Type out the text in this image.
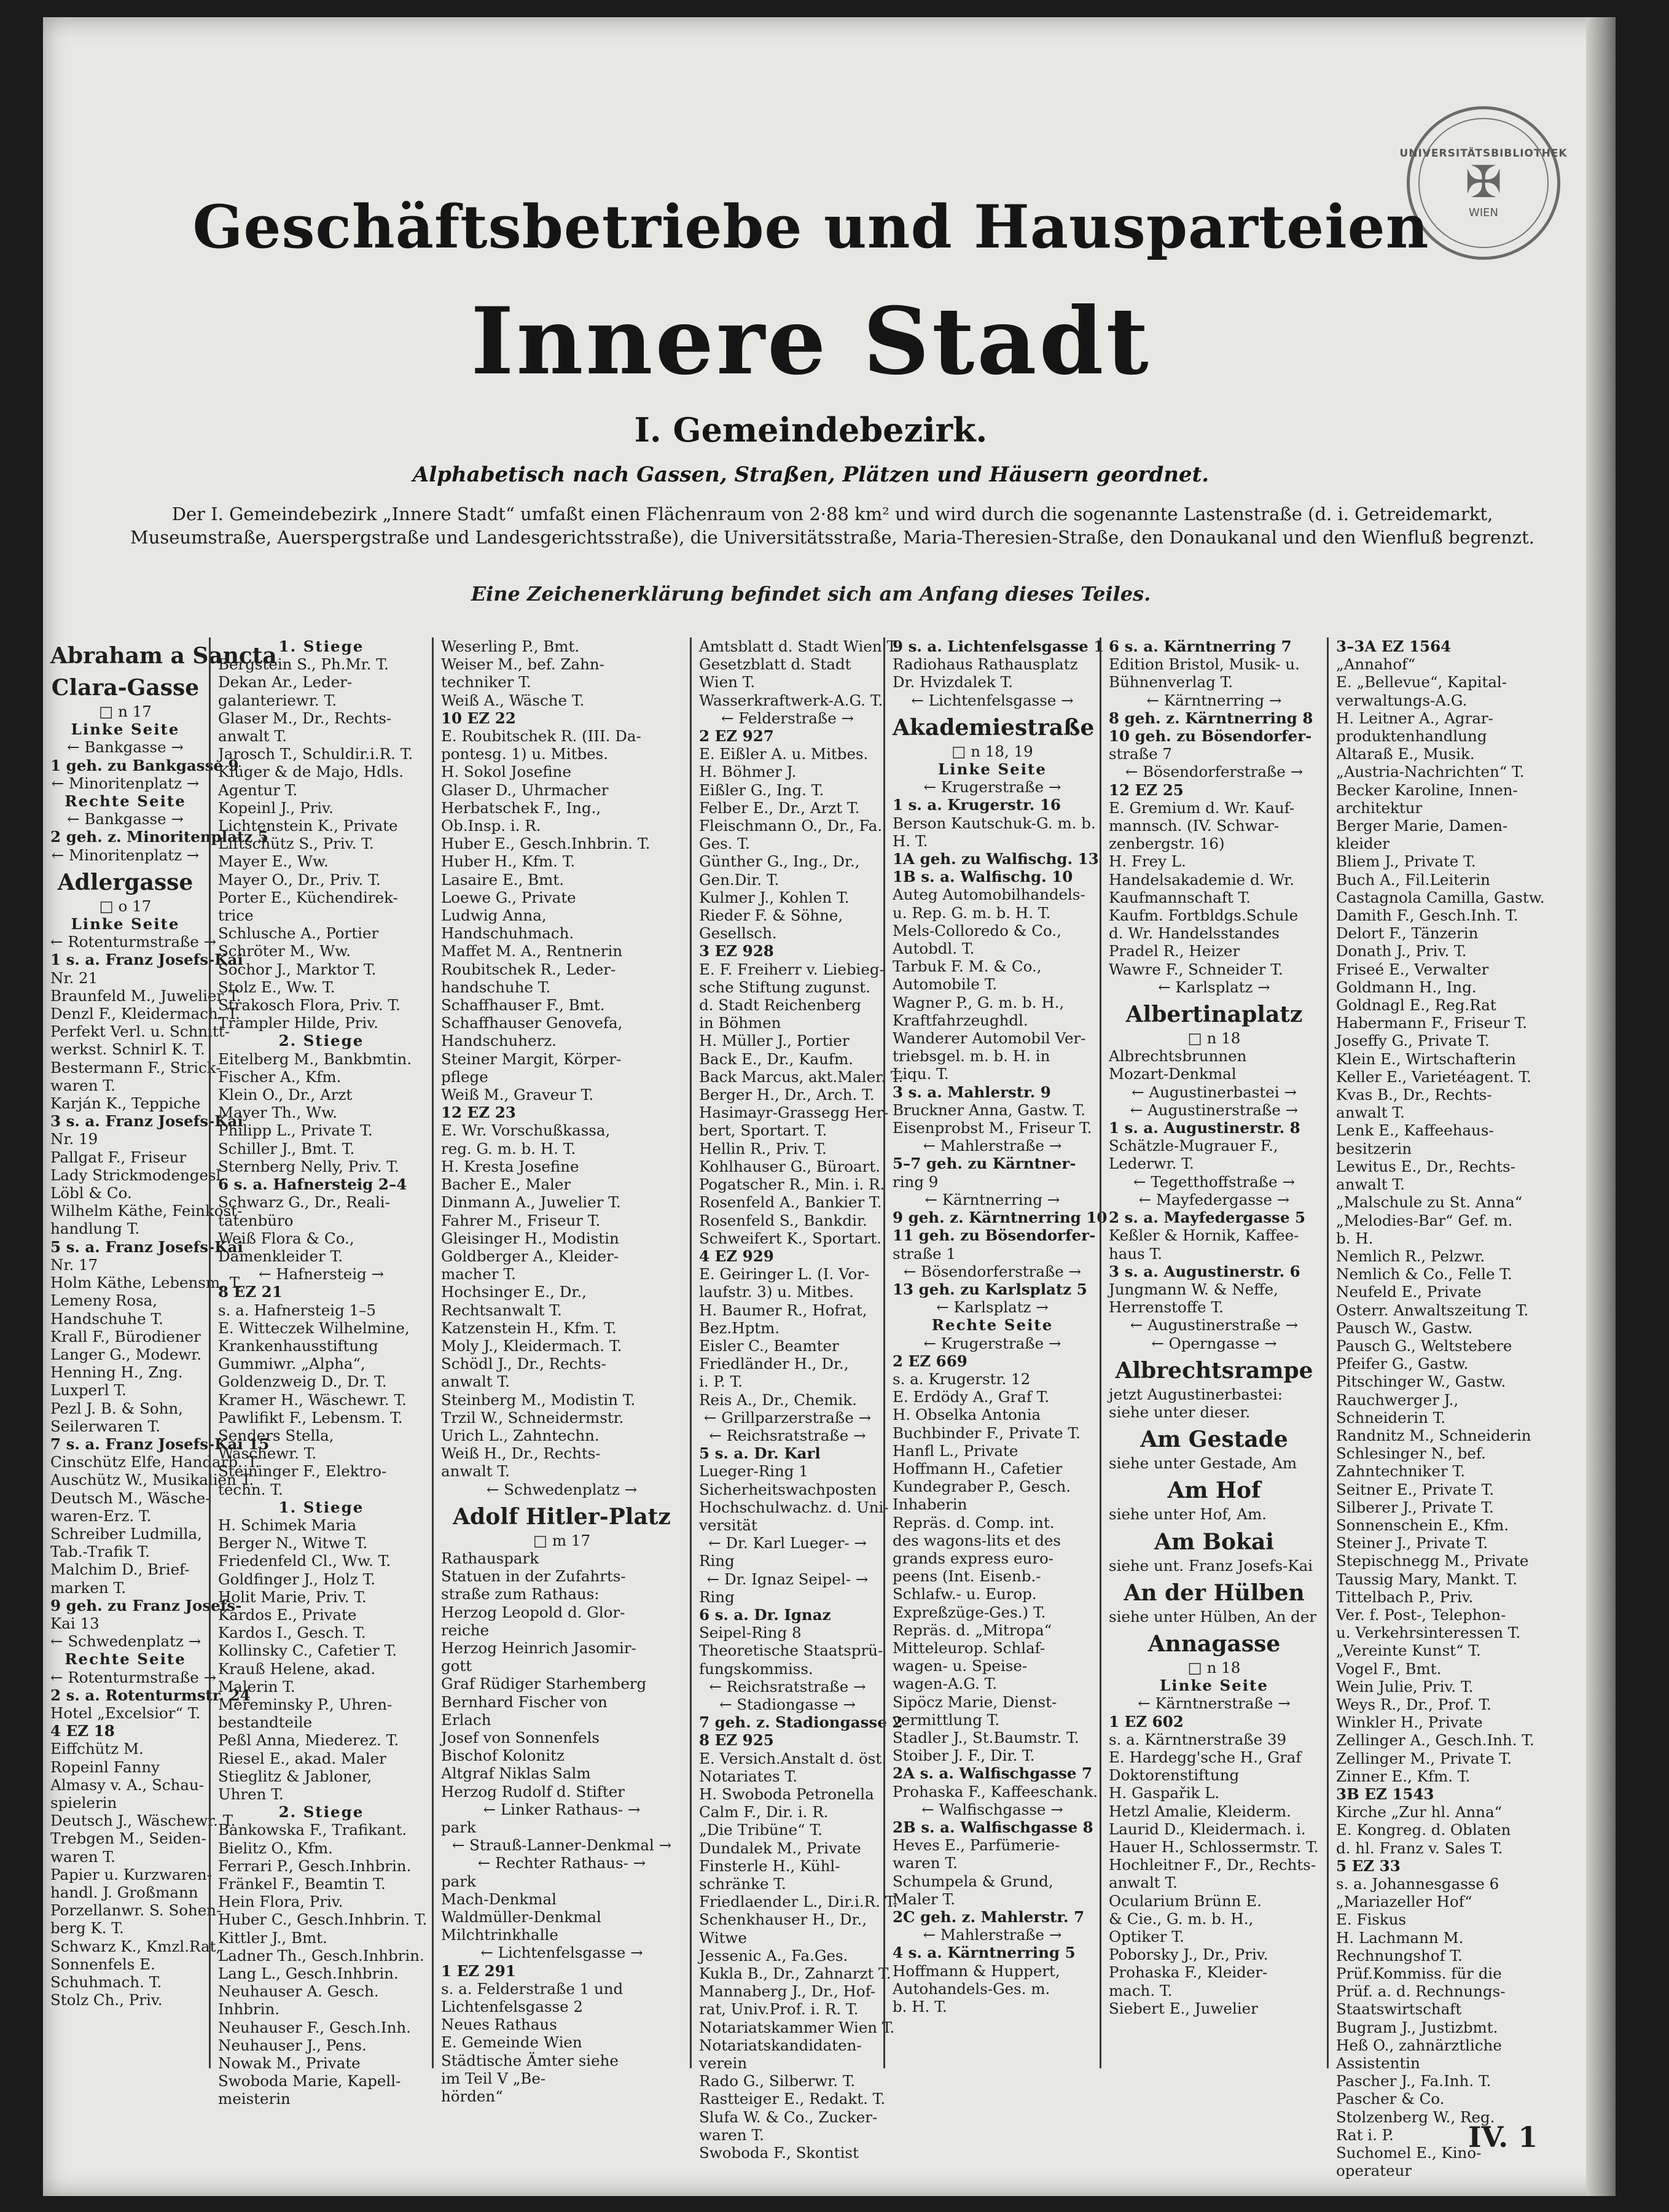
UNIVERSITÄTSBIBLIOTHEK
✠
WIEN
Geschäftsbetriebe und Hausparteien
Innere Stadt
I. Gemeindebezirk.
Alphabetisch nach Gassen, Straßen, Plätzen und Häusern geordnet.
Der I. Gemeindebezirk „Innere Stadt“ umfaßt einen Flächenraum von 2·88 km² und wird durch die sogenannte Lastenstraße (d. i. Getreidemarkt, Museumstraße, Auerspergstraße und Landesgerichtsstraße), die Universitätsstraße, Maria-Theresien-Straße, den Donaukanal und den Wienfluß begrenzt.
Eine Zeichenerklärung befindet sich am Anfang dieses Teiles.
Abraham a Sancta
Clara-Gasse
□ n 17
Linke Seite
← Bankgasse →
1 geh. zu Bankgasse 9
← Minoritenplatz →
Rechte Seite
← Bankgasse →
2 geh. z. Minoritenplatz 5
← Minoritenplatz →
Adlergasse
□ o 17
Linke Seite
← Rotenturmstraße →
1 s. a. Franz Josefs-Kai
Nr. 21
Braunfeld M., Juwelier T.
Denzl F., Kleidermach. T.
Perfekt Verl. u. Schnitt-
werkst. Schnirl K. T.
Bestermann F., Strick-
waren T.
Karján K., Teppiche
3 s. a. Franz Josefs-Kai
Nr. 19
Pallgat F., Friseur
Lady Strickmodengesl.
Löbl & Co.
Wilhelm Käthe, Feinkost-
handlung T.
5 s. a. Franz Josefs-Kai
Nr. 17
Holm Käthe, Lebensm. T.
Lemeny Rosa,
Handschuhe T.
Krall F., Bürodiener
Langer G., Modewr.
Henning H., Zng.
Luxperl T.
Pezl J. B. & Sohn,
Seilerwaren T.
7 s. a. Franz Josefs-Kai 15
Cinschütz Elfe, Handarb. T.
Auschütz W., Musikalien T.
Deutsch M., Wäsche-
waren-Erz. T.
Schreiber Ludmilla,
Tab.-Trafik T.
Malchim D., Brief-
marken T.
9 geh. zu Franz Josefs-
Kai 13
← Schwedenplatz →
Rechte Seite
← Rotenturmstraße →
2 s. a. Rotenturmstr. 24
Hotel „Excelsior“ T.
4 EZ 18
Eiffchütz M.
Ropeinl Fanny
Almasy v. A., Schau-
spielerin
Deutsch J., Wäschewr. T.
Trebgen M., Seiden-
waren T.
Papier u. Kurzwaren-
handl. J. Großmann
Porzellanwr. S. Sohen-
berg K. T.
Schwarz K., Kmzl.Rat,
Sonnenfels E.
Schuhmach. T.
Stolz Ch., Priv.
1. Stiege
Bergstein S., Ph.Mr. T.
Dekan Ar., Leder-
galanteriewr. T.
Glaser M., Dr., Rechts-
anwalt T.
Jarosch T., Schuldir.i.R. T.
Klüger & de Majo, Hdls.
Agentur T.
Kopeinl J., Priv.
Lichtenstein K., Private
Liftschütz S., Priv. T.
Mayer E., Ww.
Mayer O., Dr., Priv. T.
Porter E., Küchendirek-
trice
Schlusche A., Portier
Schröter M., Ww.
Sochor J., Marktor T.
Stolz E., Ww. T.
Strakosch Flora, Priv. T.
Trampler Hilde, Priv.
2. Stiege
Eitelberg M., Bankbmtin.
Fischer A., Kfm.
Klein O., Dr., Arzt
Mayer Th., Ww.
Philipp L., Private T.
Schiller J., Bmt. T.
Sternberg Nelly, Priv. T.
6 s. a. Hafnersteig 2–4
Schwarz G., Dr., Reali-
tätenbüro
Weiß Flora & Co.,
Damenkleider T.
← Hafnersteig →
8 EZ 21
s. a. Hafnersteig 1–5
E. Witteczek Wilhelmine,
Krankenhausstiftung
Gummiwr. „Alpha“,
Goldenzweig D., Dr. T.
Kramer H., Wäschewr. T.
Pawlifikt F., Lebensm. T.
Senders Stella,
Wäschewr. T.
Steininger F., Elektro-
techn. T.
1. Stiege
H. Schimek Maria
Berger N., Witwe T.
Friedenfeld Cl., Ww. T.
Goldfinger J., Holz T.
Holit Marie, Priv. T.
Kardos E., Private
Kardos I., Gesch. T.
Kollinsky C., Cafetier T.
Krauß Helene, akad.
Malerin T.
Mereminsky P., Uhren-
bestandteile
Peßl Anna, Miederez. T.
Riesel E., akad. Maler
Stieglitz & Jabloner,
Uhren T.
2. Stiege
Bankowska F., Trafikant.
Bielitz O., Kfm.
Ferrari P., Gesch.Inhbrin.
Fränkel F., Beamtin T.
Hein Flora, Priv.
Huber C., Gesch.Inhbrin. T.
Kittler J., Bmt.
Ladner Th., Gesch.Inhbrin.
Lang L., Gesch.Inhbrin.
Neuhauser A. Gesch.
Inhbrin.
Neuhauser F., Gesch.Inh.
Neuhauser J., Pens.
Nowak M., Private
Swoboda Marie, Kapell-
meisterin
Weserling P., Bmt.
Weiser M., bef. Zahn-
techniker T.
Weiß A., Wäsche T.
10 EZ 22
E. Roubitschek R. (III. Da-
pontesg. 1) u. Mitbes.
H. Sokol Josefine
Glaser D., Uhrmacher
Herbatschek F., Ing.,
Ob.Insp. i. R.
Huber E., Gesch.Inhbrin. T.
Huber H., Kfm. T.
Lasaire E., Bmt.
Loewe G., Private
Ludwig Anna,
Handschuhmach.
Maffet M. A., Rentnerin
Roubitschek R., Leder-
handschuhe T.
Schaffhauser F., Bmt.
Schaffhauser Genovefa,
Handschuherz.
Steiner Margit, Körper-
pflege
Weiß M., Graveur T.
12 EZ 23
E. Wr. Vorschußkassa,
reg. G. m. b. H. T.
H. Kresta Josefine
Bacher E., Maler
Dinmann A., Juwelier T.
Fahrer M., Friseur T.
Gleisinger H., Modistin
Goldberger A., Kleider-
macher T.
Hochsinger E., Dr.,
Rechtsanwalt T.
Katzenstein H., Kfm. T.
Moly J., Kleidermach. T.
Schödl J., Dr., Rechts-
anwalt T.
Steinberg M., Modistin T.
Trzil W., Schneidermstr.
Urich L., Zahntechn.
Weiß H., Dr., Rechts-
anwalt T.
← Schwedenplatz →
Adolf Hitler-Platz
□ m 17
Rathauspark
Statuen in der Zufahrts-
straße zum Rathaus:
Herzog Leopold d. Glor-
reiche
Herzog Heinrich Jasomir-
gott
Graf Rüdiger Starhemberg
Bernhard Fischer von
Erlach
Josef von Sonnenfels
Bischof Kolonitz
Altgraf Niklas Salm
Herzog Rudolf d. Stifter
← Linker Rathaus- →
park
← Strauß-Lanner-Denkmal →
← Rechter Rathaus- →
park
Mach-Denkmal
Waldmüller-Denkmal
Milchtrinkhalle
← Lichtenfelsgasse →
1 EZ 291
s. a. Felderstraße 1 und
Lichtenfelsgasse 2
Neues Rathaus
E. Gemeinde Wien
Städtische Ämter siehe
im Teil V „Be-
hörden“
Amtsblatt d. Stadt Wien T.
Gesetzblatt d. Stadt
Wien T.
Wasserkraftwerk-A.G. T.
← Felderstraße →
2 EZ 927
E. Eißler A. u. Mitbes.
H. Böhmer J.
Eißler G., Ing. T.
Felber E., Dr., Arzt T.
Fleischmann O., Dr., Fa.
Ges. T.
Günther G., Ing., Dr.,
Gen.Dir. T.
Kulmer J., Kohlen T.
Rieder F. & Söhne,
Gesellsch.
3 EZ 928
E. F. Freiherr v. Liebieg-
sche Stiftung zugunst.
d. Stadt Reichenberg
in Böhmen
H. Müller J., Portier
Back E., Dr., Kaufm.
Back Marcus, akt.Maler. T.
Berger H., Dr., Arch. T.
Hasimayr-Grassegg Her-
bert, Sportart. T.
Hellin R., Priv. T.
Kohlhauser G., Büroart.
Pogatscher R., Min. i. R.
Rosenfeld A., Bankier T.
Rosenfeld S., Bankdir.
Schweifert K., Sportart.
4 EZ 929
E. Geiringer L. (I. Vor-
laufstr. 3) u. Mitbes.
H. Baumer R., Hofrat,
Bez.Hptm.
Eisler C., Beamter
Friedländer H., Dr.,
i. P. T.
Reis A., Dr., Chemik.
← Grillparzerstraße →
← Reichsratstraße →
5 s. a. Dr. Karl
Lueger-Ring 1
Sicherheitswachposten
Hochschulwachz. d. Uni-
versität
← Dr. Karl Lueger- →
Ring
← Dr. Ignaz Seipel- →
Ring
6 s. a. Dr. Ignaz
Seipel-Ring 8
Theoretische Staatsprü-
fungskommiss.
← Reichsratstraße →
← Stadiongasse →
7 geh. z. Stadiongasse 2
8 EZ 925
E. Versich.Anstalt d. öst.
Notariates T.
H. Swoboda Petronella
Calm F., Dir. i. R.
„Die Tribüne“ T.
Dundalek M., Private
Finsterle H., Kühl-
schränke T.
Friedlaender L., Dir.i.R. T.
Schenkhauser H., Dr.,
Witwe
Jessenic A., Fa.Ges.
Kukla B., Dr., Zahnarzt T.
Mannaberg J., Dr., Hof-
rat, Univ.Prof. i. R. T.
Notariatskammer Wien T.
Notariatskandidaten-
verein
Rado G., Silberwr. T.
Rastteiger E., Redakt. T.
Slufa W. & Co., Zucker-
waren T.
Swoboda F., Skontist
9 s. a. Lichtenfelsgasse 1
Radiohaus Rathausplatz
Dr. Hvizdalek T.
← Lichtenfelsgasse →
Akademiestraße
□ n 18, 19
Linke Seite
← Krugerstraße →
1 s. a. Krugerstr. 16
Berson Kautschuk-G. m. b.
H. T.
1A geh. zu Walfischg. 13
1B s. a. Walfischg. 10
Auteg Automobilhandels-
u. Rep. G. m. b. H. T.
Mels-Colloredo & Co.,
Autobdl. T.
Tarbuk F. M. & Co.,
Automobile T.
Wagner P., G. m. b. H.,
Kraftfahrzeughdl.
Wanderer Automobil Ver-
triebsgel. m. b. H. in
Liqu. T.
3 s. a. Mahlerstr. 9
Bruckner Anna, Gastw. T.
Eisenprobst M., Friseur T.
← Mahlerstraße →
5–7 geh. zu Kärntner-
ring 9
← Kärntnerring →
9 geh. z. Kärntnerring 10
11 geh. zu Bösendorfer-
straße 1
← Bösendorferstraße →
13 geh. zu Karlsplatz 5
← Karlsplatz →
Rechte Seite
← Krugerstraße →
2 EZ 669
s. a. Krugerstr. 12
E. Erdödy A., Graf T.
H. Obselka Antonia
Buchbinder F., Private T.
Hanfl L., Private
Hoffmann H., Cafetier
Kundegraber P., Gesch.
Inhaberin
Repräs. d. Comp. int.
des wagons-lits et des
grands express euro-
peens (Int. Eisenb.-
Schlafw.- u. Europ.
Expreßzüge-Ges.) T.
Repräs. d. „Mitropa“
Mitteleurop. Schlaf-
wagen- u. Speise-
wagen-A.G. T.
Sipöcz Marie, Dienst-
vermittlung T.
Stadler J., St.Baumstr. T.
Stoiber J. F., Dir. T.
2A s. a. Walfischgasse 7
Prohaska F., Kaffeeschank.
← Walfischgasse →
2B s. a. Walfischgasse 8
Heves E., Parfümerie-
waren T.
Schumpela & Grund,
Maler T.
2C geh. z. Mahlerstr. 7
← Mahlerstraße →
4 s. a. Kärntnerring 5
Hoffmann & Huppert,
Autohandels-Ges. m.
b. H. T.
6 s. a. Kärntnerring 7
Edition Bristol, Musik- u.
Bühnenverlag T.
← Kärntnerring →
8 geh. z. Kärntnerring 8
10 geh. zu Bösendorfer-
straße 7
← Bösendorferstraße →
12 EZ 25
E. Gremium d. Wr. Kauf-
mannsch. (IV. Schwar-
zenbergstr. 16)
H. Frey L.
Handelsakademie d. Wr.
Kaufmannschaft T.
Kaufm. Fortbldgs.Schule
d. Wr. Handelsstandes
Pradel R., Heizer
Wawre F., Schneider T.
← Karlsplatz →
Albertinaplatz
□ n 18
Albrechtsbrunnen
Mozart-Denkmal
← Augustinerbastei →
← Augustinerstraße →
1 s. a. Augustinerstr. 8
Schätzle-Mugrauer F.,
Lederwr. T.
← Tegetthoffstraße →
← Mayfedergasse →
2 s. a. Mayfedergasse 5
Keßler & Hornik, Kaffee-
haus T.
3 s. a. Augustinerstr. 6
Jungmann W. & Neffe,
Herrenstoffe T.
← Augustinerstraße →
← Operngasse →
Albrechtsrampe
jetzt Augustinerbastei:
siehe unter dieser.
Am Gestade
siehe unter Gestade, Am
Am Hof
siehe unter Hof, Am.
Am Bokai
siehe unt. Franz Josefs-Kai
An der Hülben
siehe unter Hülben, An der
Annagasse
□ n 18
Linke Seite
← Kärntnerstraße →
1 EZ 602
s. a. Kärntnerstraße 39
E. Hardegg'sche H., Graf
Doktorenstiftung
H. Gaspařik L.
Hetzl Amalie, Kleiderm.
Laurid D., Kleidermach. i.
Hauer H., Schlossermstr. T.
Hochleitner F., Dr., Rechts-
anwalt T.
Ocularium Brünn E.
& Cie., G. m. b. H.,
Optiker T.
Poborsky J., Dr., Priv.
Prohaska F., Kleider-
mach. T.
Siebert E., Juwelier
3–3A EZ 1564
„Annahof“
E. „Bellevue“, Kapital-
verwaltungs-A.G.
H. Leitner A., Agrar-
produktenhandlung
Altaraß E., Musik.
„Austria-Nachrichten“ T.
Becker Karoline, Innen-
architektur
Berger Marie, Damen-
kleider
Bliem J., Private T.
Buch A., Fil.Leiterin
Castagnola Camilla, Gastw.
Damith F., Gesch.Inh. T.
Delort F., Tänzerin
Donath J., Priv. T.
Friseé E., Verwalter
Goldmann H., Ing.
Goldnagl E., Reg.Rat
Habermann F., Friseur T.
Joseffy G., Private T.
Klein E., Wirtschafterin
Keller E., Varietéagent. T.
Kvas B., Dr., Rechts-
anwalt T.
Lenk E., Kaffeehaus-
besitzerin
Lewitus E., Dr., Rechts-
anwalt T.
„Malschule zu St. Anna“
„Melodies-Bar“ Gef. m.
b. H.
Nemlich R., Pelzwr.
Nemlich & Co., Felle T.
Neufeld E., Private
Osterr. Anwaltszeitung T.
Pausch W., Gastw.
Pausch G., Weltstebere
Pfeifer G., Gastw.
Pitschinger W., Gastw.
Rauchwerger J.,
Schneiderin T.
Randnitz M., Schneiderin
Schlesinger N., bef.
Zahntechniker T.
Seitner E., Private T.
Silberer J., Private T.
Sonnenschein E., Kfm.
Steiner J., Private T.
Stepischnegg M., Private
Taussig Mary, Mankt. T.
Tittelbach P., Priv.
Ver. f. Post-, Telephon-
u. Verkehrsinteressen T.
„Vereinte Kunst“ T.
Vogel F., Bmt.
Wein Julie, Priv. T.
Weys R., Dr., Prof. T.
Winkler H., Private
Zellinger A., Gesch.Inh. T.
Zellinger M., Private T.
Zinner E., Kfm. T.
3B EZ 1543
Kirche „Zur hl. Anna“
E. Kongreg. d. Oblaten
d. hl. Franz v. Sales T.
5 EZ 33
s. a. Johannesgasse 6
„Mariazeller Hof“
E. Fiskus
H. Lachmann M.
Rechnungshof T.
Prüf.Kommiss. für die
Prüf. a. d. Rechnungs-
Staatswirtschaft
Bugram J., Justizbmt.
Heß O., zahnärztliche
Assistentin
Pascher J., Fa.Inh. T.
Pascher & Co.
Stolzenberg W., Reg.
Rat i. P.
Suchomel E., Kino-
operateur
IV. 1
